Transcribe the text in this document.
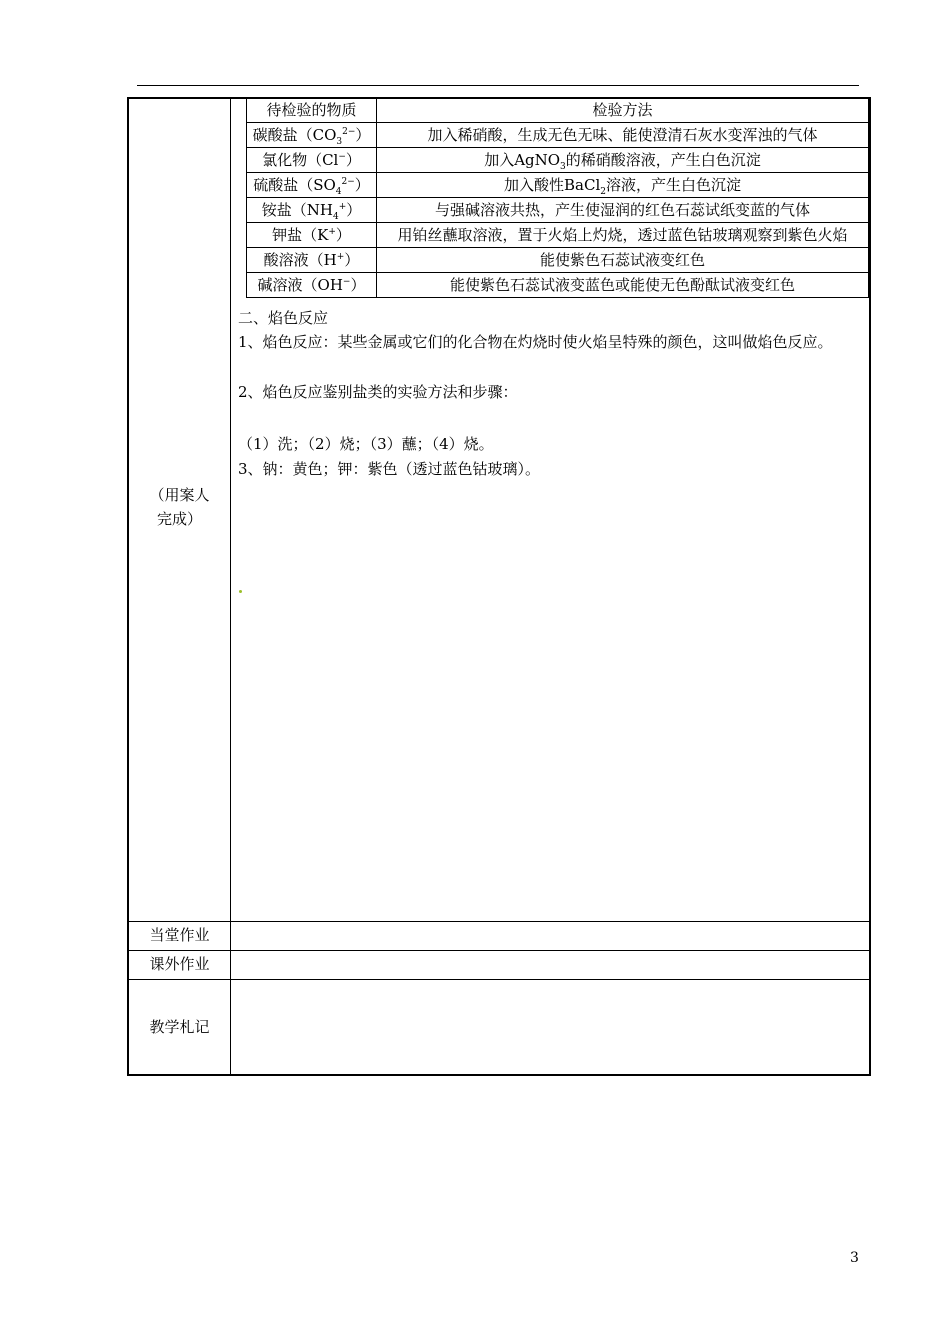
（用案人完成）
当堂作业
课外作业
教学札记
待检验的物质	检验方法
碳酸盐$(CO_3^{2-})$	加入稀硝酸，生成无色无味、能使澄清石灰水变浑浊的气体
氯化物（Cl−）	加入AgNO$_3$的稀硝酸溶液，产生白色沉淀
硫酸盐$(SO_4^{2-})$	加入酸性BaCl$_2$溶液，产生白色沉淀
铵盐$(NH_4^+)$	与强碱溶液共热，产生使湿润的红色石蕊试纸变蓝的气体
钾盐（K+）	用铂丝蘸取溶液，置于火焰上灼烧，透过蓝色钴玻璃观察到紫色火焰
酸溶液（H+）	能使紫色石蕊试液变红色
碱溶液（OH−）	能使紫色石蕊试液变蓝色或能使无色酚酞试液变红色
二、焰色反应
1、焰色反应：某些金属或它们的化合物在灼烧时使火焰呈特殊的颜色，这叫做焰色反应。
2、焰色反应鉴别盐类的实验方法和步骤：
（1）洗；（2）烧；（3）蘸；（4）烧。
3、钠：黄色；钾：紫色（透过蓝色钴玻璃）。
3
